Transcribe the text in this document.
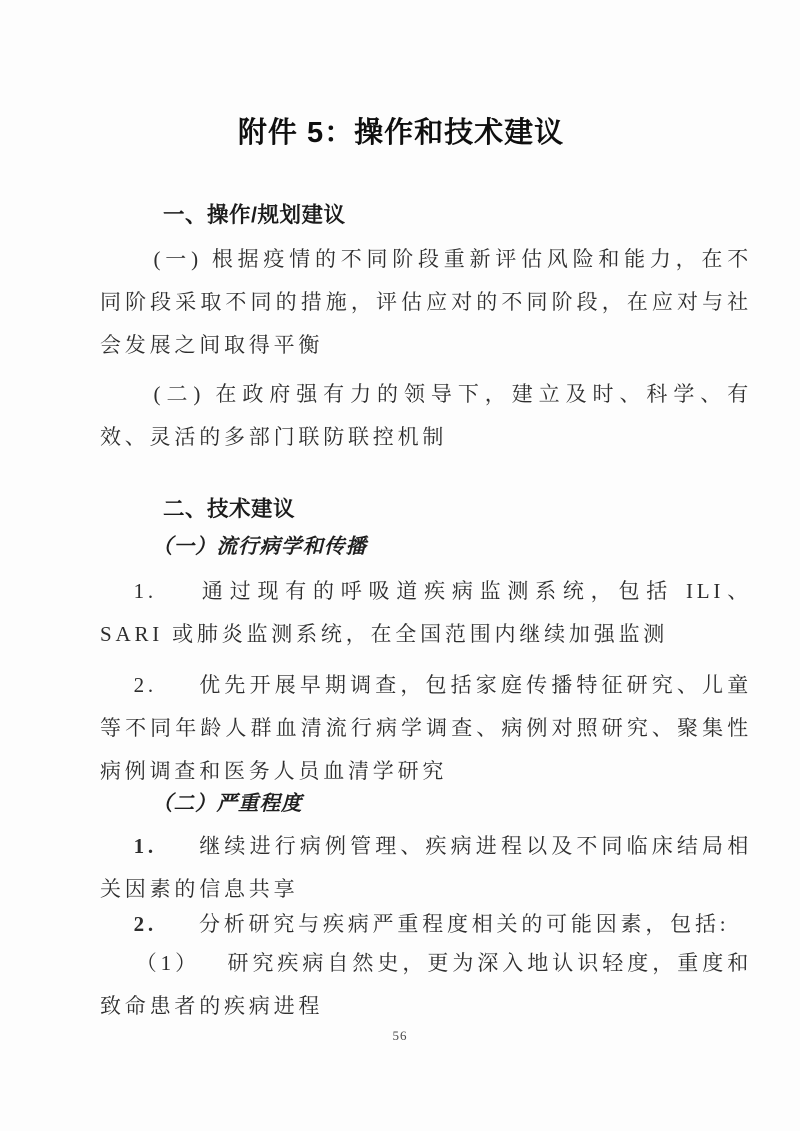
附件 5：操作和技术建议
一、操作/规划建议

(一) 根据疫情的不同阶段重新评估风险和能力，在不同阶段采取不同的措施，评估应对的不同阶段，在应对与社会发展之间取得平衡

(二) 在政府强有力的领导下，建立及时、科学、有效、灵活的多部门联防联控机制

二、技术建议
（一）流行病学和传播

1. 通过现有的呼吸道疾病监测系统，包括 ILI、SARI 或肺炎监测系统，在全国范围内继续加强监测

2. 优先开展早期调查，包括家庭传播特征研究、儿童等不同年龄人群血清流行病学调查、病例对照研究、聚集性病例调查和医务人员血清学研究

（二）严重程度

1. 继续进行病例管理、疾病进程以及不同临床结局相关因素的信息共享

2. 分析研究与疾病严重程度相关的可能因素，包括:

（1） 研究疾病自然史，更为深入地认识轻度，重度和致命患者的疾病进程

56
